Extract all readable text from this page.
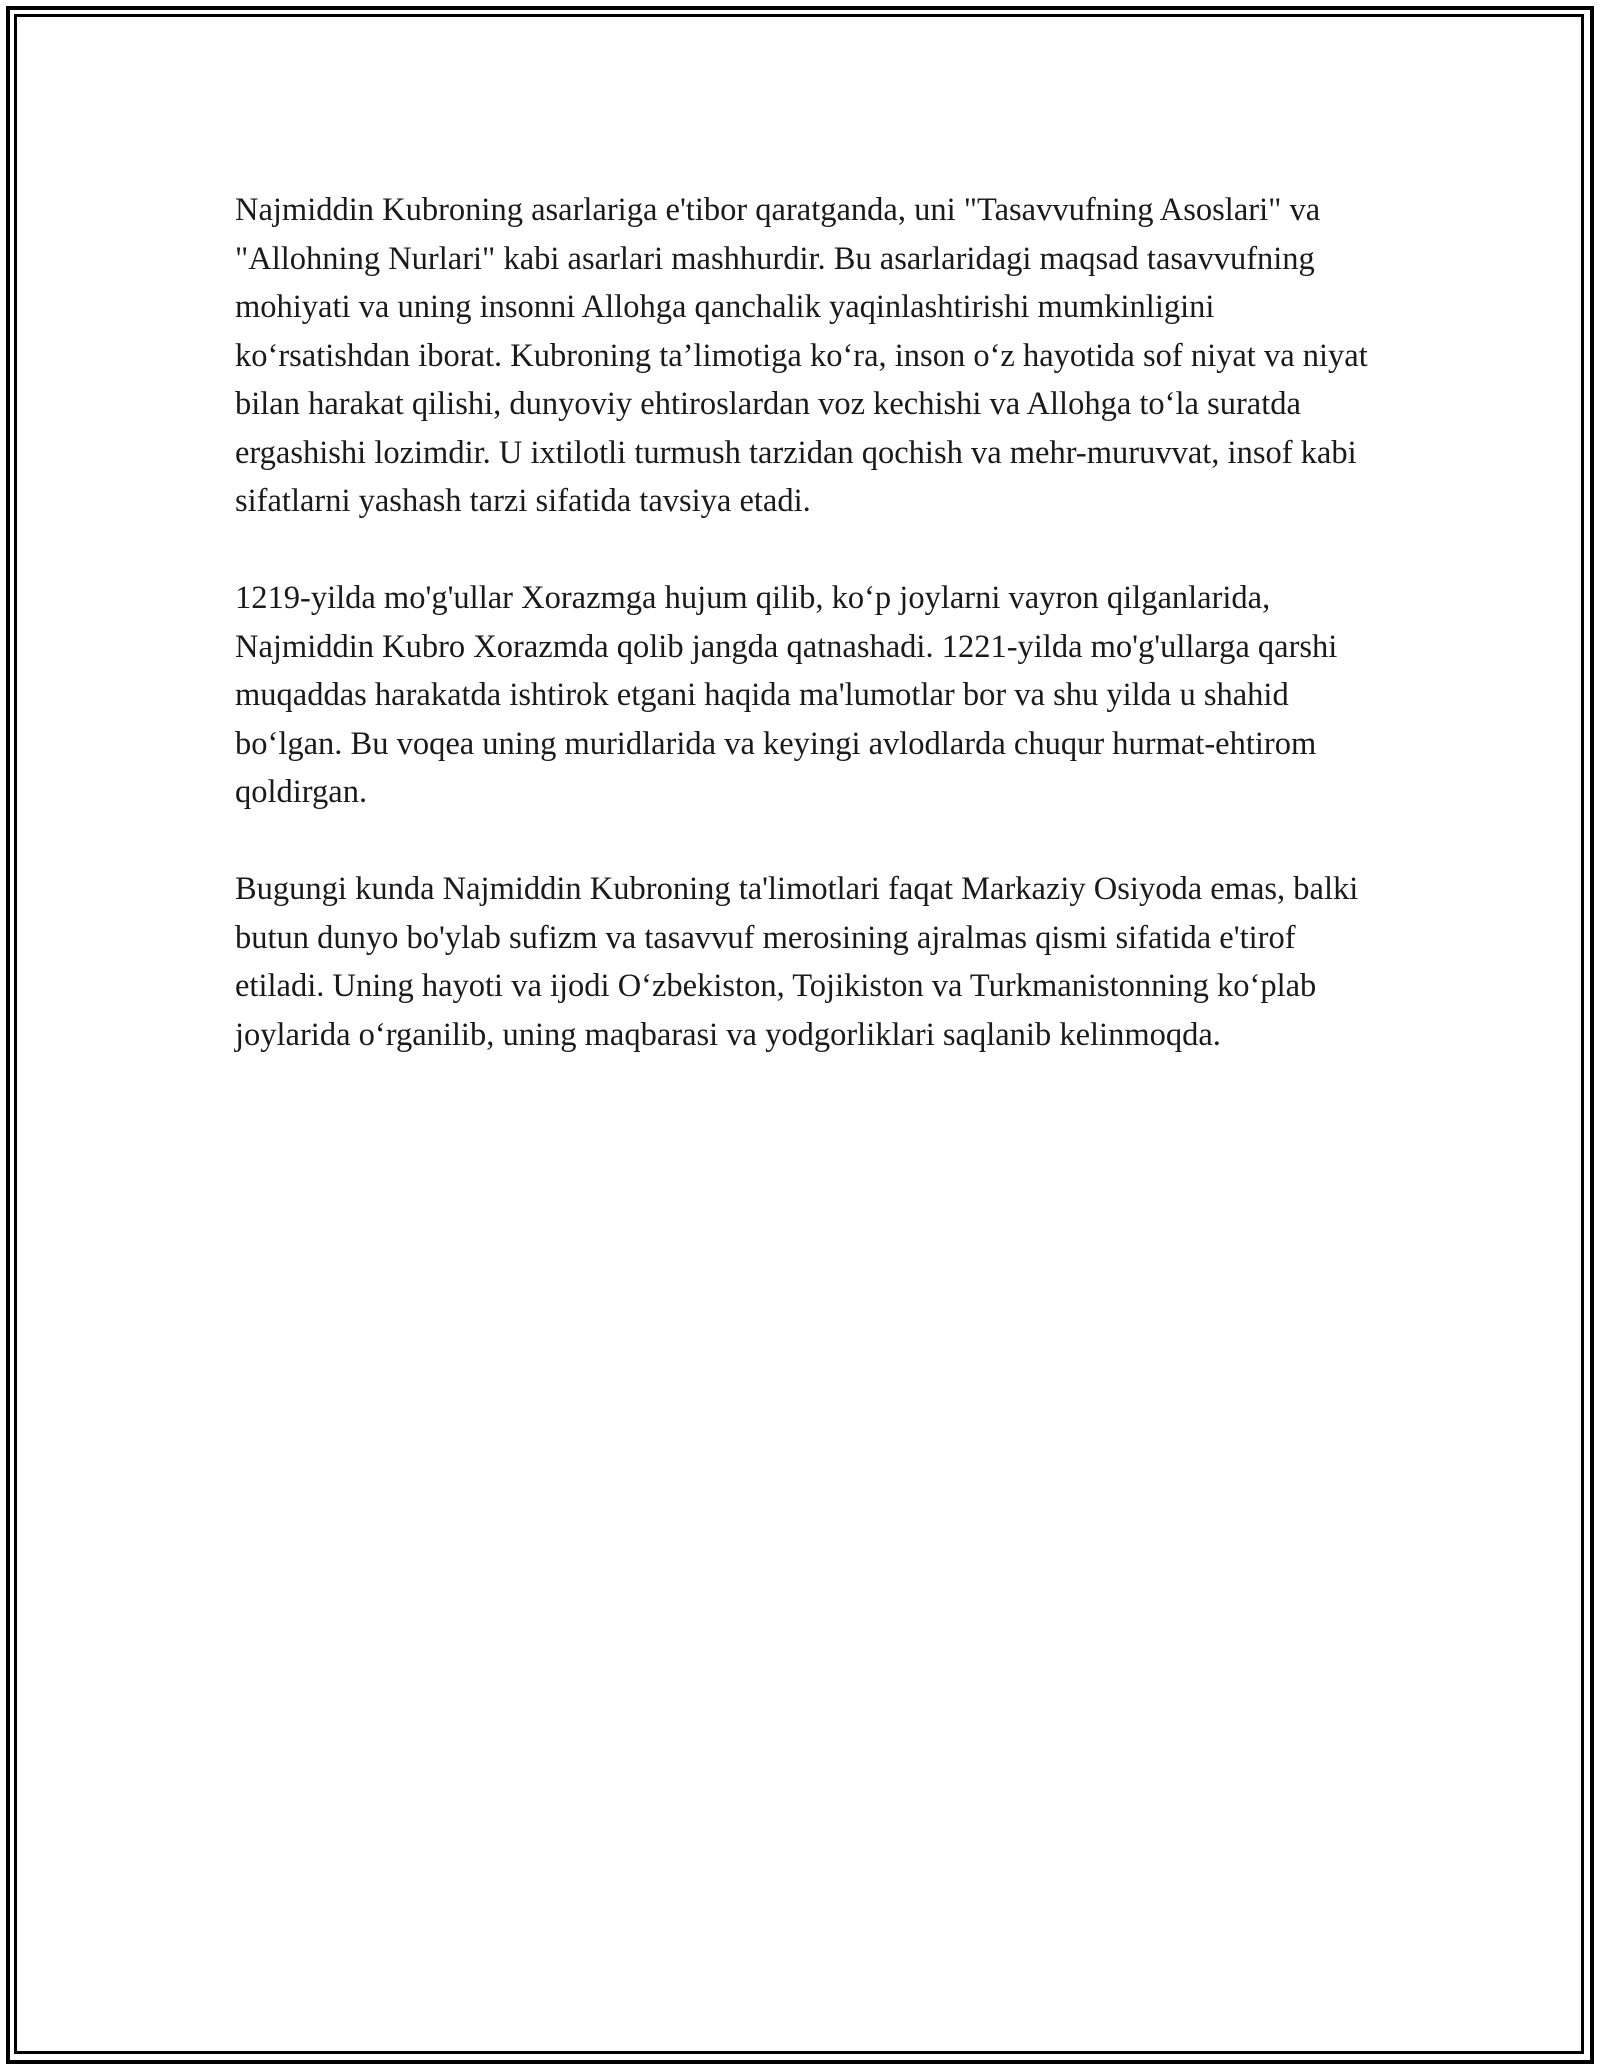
Najmiddin Kubroning asarlariga e'tibor qaratganda, uni "Tasavvufning Asoslari" va "Allohning Nurlari" kabi asarlari mashhurdir. Bu asarlaridagi maqsad tasavvufning mohiyati va uning insonni Allohga qanchalik yaqinlashtirishi mumkinligini ko‘rsatishdan iborat. Kubroning ta’limotiga ko‘ra, inson o‘z hayotida sof niyat va niyat bilan harakat qilishi, dunyoviy ehtiroslardan voz kechishi va Allohga to‘la suratda ergashishi lozimdir. U ixtilotli turmush tarzidan qochish va mehr-muruvvat, insof kabi sifatlarni yashash tarzi sifatida tavsiya etadi.

1219-yilda mo'g'ullar Xorazmga hujum qilib, ko‘p joylarni vayron qilganlarida, Najmiddin Kubro Xorazmda qolib jangda qatnashadi. 1221-yilda mo'g'ullarga qarshi muqaddas harakatda ishtirok etgani haqida ma'lumotlar bor va shu yilda u shahid bo‘lgan. Bu voqea uning muridlarida va keyingi avlodlarda chuqur hurmat-ehtirom qoldirgan.

Bugungi kunda Najmiddin Kubroning ta'limotlari faqat Markaziy Osiyoda emas, balki butun dunyo bo'ylab sufizm va tasavvuf merosining ajralmas qismi sifatida e'tirof etiladi. Uning hayoti va ijodi O‘zbekiston, Tojikiston va Turkmanistonning ko‘plab joylarida o‘rganilib, uning maqbarasi va yodgorliklari saqlanib kelinmoqda.
